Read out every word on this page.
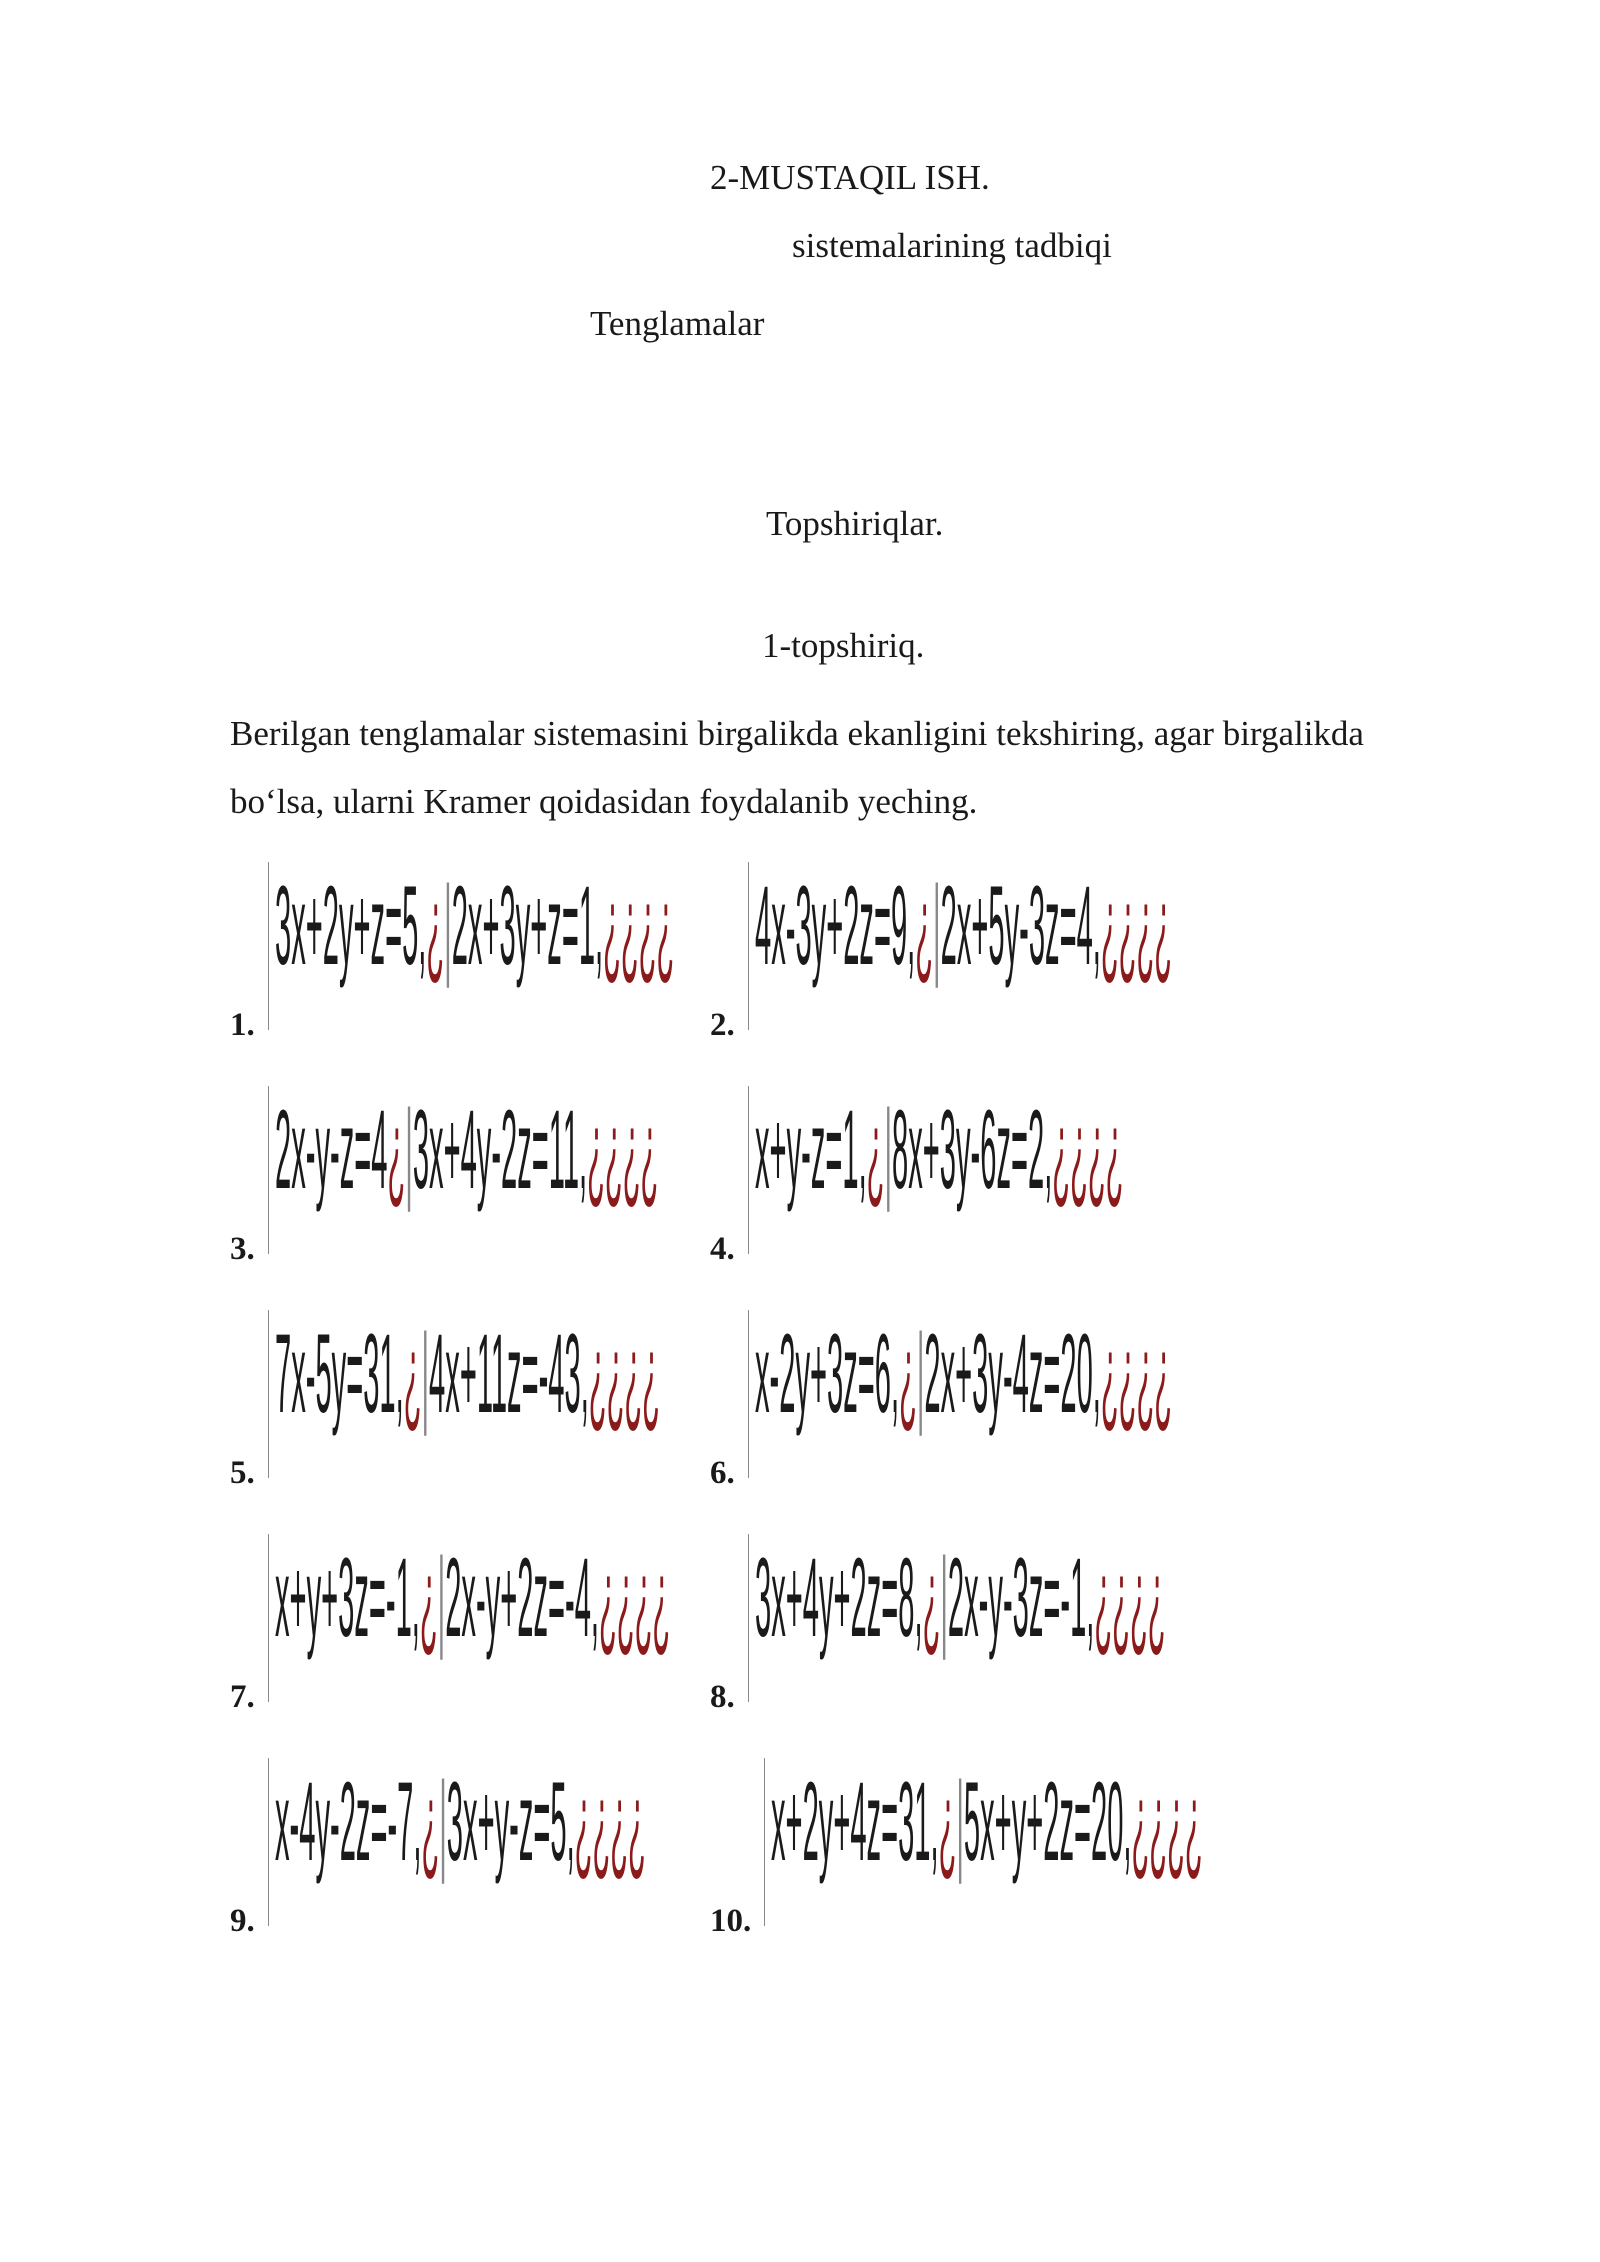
2-MUSTAQIL ISH.
sistemalarining tadbiqi
Tenglamalar
Topshiriqlar.
1-topshiriq.
Berilgan tenglamalar sistemasini birgalikda ekanligini tekshiring, agar birgalikda
bo‘lsa, ularni Kramer qoidasidan foydalanib yeching.
1.
3x+2y+z=5,¿|2x+3y+z=1,¿¿¿¿
2.
4x-3y+2z=9,¿|2x+5y-3z=4,¿¿¿¿
3.
2x-y-z=4¿|3x+4y-2z=11,¿¿¿¿
4.
x+y-z=1,¿|8x+3y-6z=2,¿¿¿¿
5.
7x-5y=31,¿|4x+11z=-43,¿¿¿¿
6.
x-2y+3z=6,¿|2x+3y-4z=20,¿¿¿¿
7.
x+y+3z=-1,¿|2x-y+2z=-4,¿¿¿¿
8.
3x+4y+2z=8,¿|2x-y-3z=-1,¿¿¿¿
9.
x-4y-2z=-7,¿|3x+y-z=5,¿¿¿¿
10.
x+2y+4z=31,¿|5x+y+2z=20,¿¿¿¿
